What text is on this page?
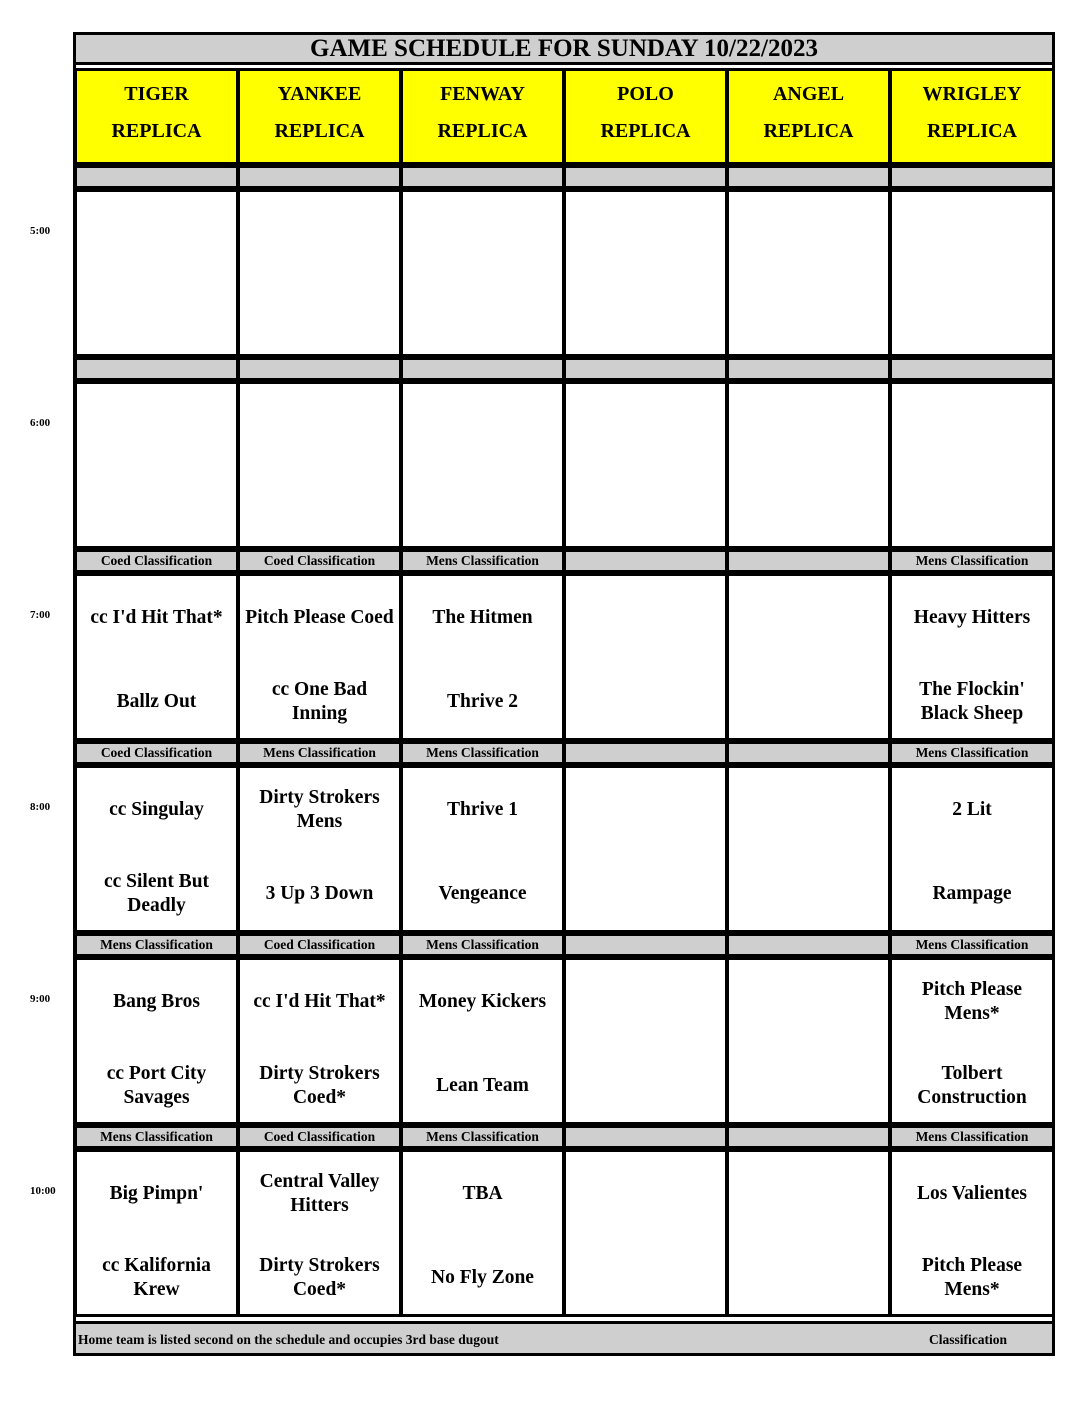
GAME SCHEDULE FOR SUNDAY 10/22/2023
TIGER
REPLICA
YANKEE
REPLICA
FENWAY
REPLICA
POLO
REPLICA
ANGEL
REPLICA
WRIGLEY
REPLICA
5:00
6:00
7:00
Coed Classification
cc I'd Hit That*
Ballz Out
Coed Classification
Pitch Please Coed
cc One Bad Inning
Mens Classification
The Hitmen
Thrive 2
Mens Classification
Heavy Hitters
The Flockin' Black Sheep
8:00
Coed Classification
cc Singulay
cc Silent But Deadly
Mens Classification
Dirty Strokers Mens
3 Up 3 Down
Mens Classification
Thrive 1
Vengeance
Mens Classification
2 Lit
Rampage
9:00
Mens Classification
Bang Bros
cc Port City Savages
Coed Classification
cc I'd Hit That*
Dirty Strokers Coed*
Mens Classification
Money Kickers
Lean Team
Mens Classification
Pitch Please Mens*
Tolbert Construction
10:00
Mens Classification
Big Pimpn'
cc Kalifornia Krew
Coed Classification
Central Valley Hitters
Dirty Strokers Coed*
Mens Classification
TBA
No Fly Zone
Mens Classification
Los Valientes
Pitch Please Mens*
Home team is listed second on the schedule and occupies 3rd base dugout	Classification
